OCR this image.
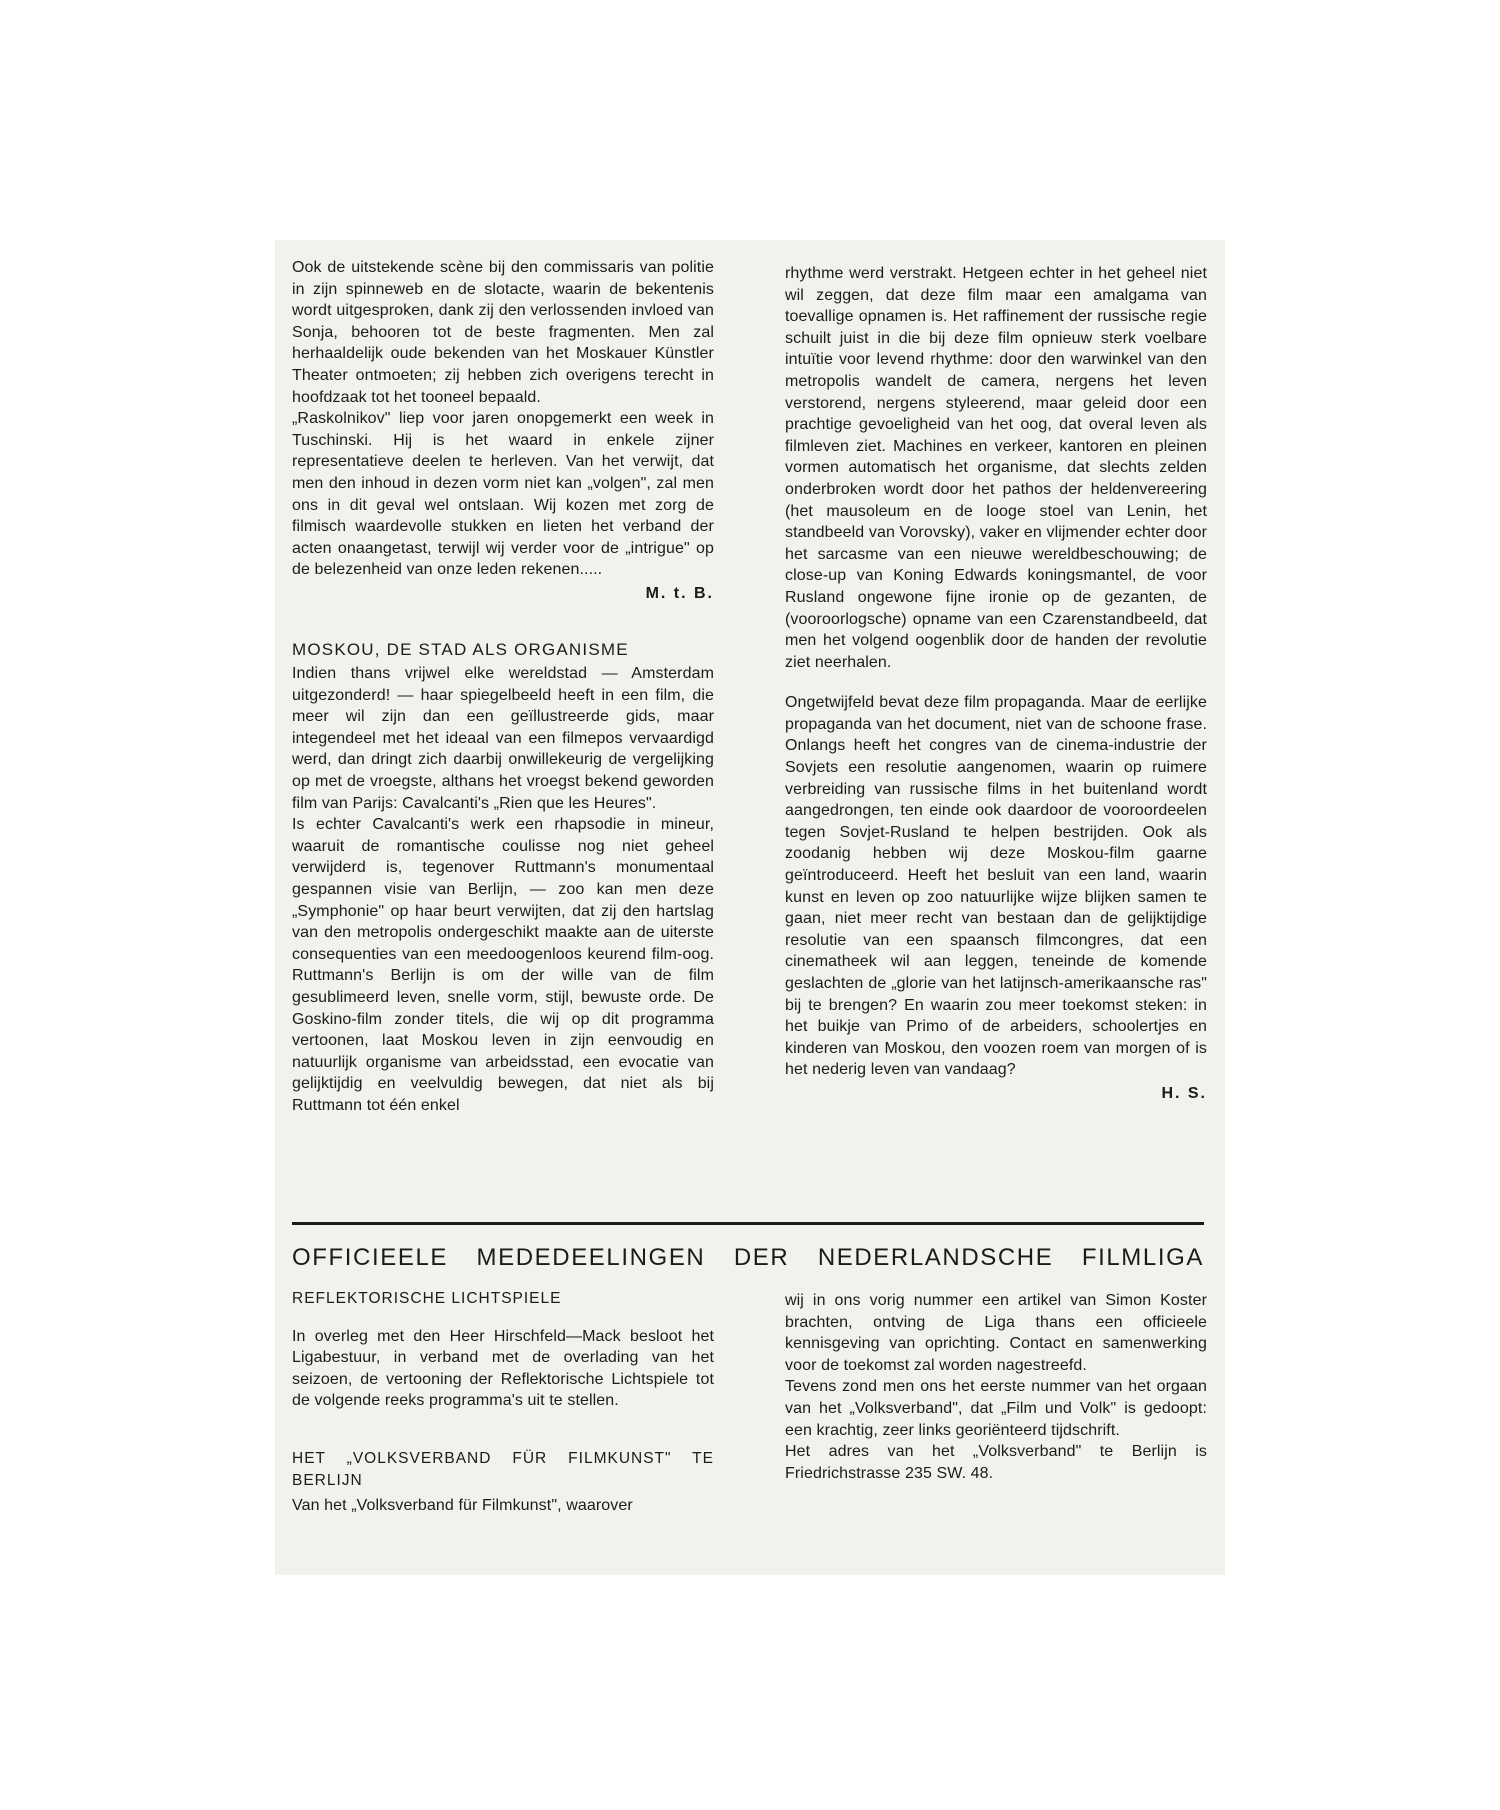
Ook de uitstekende scène bij den commissaris van politie in zijn spinneweb en de slotacte, waarin de bekentenis wordt uitgesproken, dank zij den verlossenden invloed van Sonja, behooren tot de beste fragmenten. Men zal herhaaldelijk oude bekenden van het Moskauer Künstler Theater ontmoeten; zij hebben zich overigens terecht in hoofdzaak tot het tooneel bepaald.

„Raskolnikov" liep voor jaren onopgemerkt een week in Tuschinski. Hij is het waard in enkele zijner representatieve deelen te herleven. Van het verwijt, dat men den inhoud in dezen vorm niet kan „volgen", zal men ons in dit geval wel ontslaan. Wij kozen met zorg de filmisch waardevolle stukken en lieten het verband der acten onaangetast, terwijl wij verder voor de „intrigue" op de belezenheid van onze leden rekenen.....

M. t. B.
MOSKOU, DE STAD ALS ORGANISME

Indien thans vrijwel elke wereldstad — Amsterdam uitgezonderd! — haar spiegelbeeld heeft in een film, die meer wil zijn dan een geïllustreerde gids, maar integendeel met het ideaal van een filmepos vervaardigd werd, dan dringt zich daarbij onwillekeurig de vergelijking op met de vroegste, althans het vroegst bekend geworden film van Parijs: Cavalcanti's „Rien que les Heures".

Is echter Cavalcanti's werk een rhapsodie in mineur, waaruit de romantische coulisse nog niet geheel verwijderd is, tegenover Ruttmann's monumentaal gespannen visie van Berlijn, — zoo kan men deze „Symphonie" op haar beurt verwijten, dat zij den hartslag van den metropolis ondergeschikt maakte aan de uiterste consequenties van een meedoogenloos keurend film-oog. Ruttmann's Berlijn is om der wille van de film gesublimeerd leven, snelle vorm, stijl, bewuste orde. De Goskino-film zonder titels, die wij op dit programma vertoonen, laat Moskou leven in zijn eenvoudig en natuurlijk organisme van arbeidsstad, een evocatie van gelijktijdig en veelvuldig bewegen, dat niet als bij Ruttmann tot één enkel

rhythme werd verstrakt. Hetgeen echter in het geheel niet wil zeggen, dat deze film maar een amalgama van toevallige opnamen is. Het raffinement der russische regie schuilt juist in die bij deze film opnieuw sterk voelbare intuïtie voor levend rhythme: door den warwinkel van den metropolis wandelt de camera, nergens het leven verstorend, nergens styleerend, maar geleid door een prachtige gevoeligheid van het oog, dat overal leven als filmleven ziet. Machines en verkeer, kantoren en pleinen vormen automatisch het organisme, dat slechts zelden onderbroken wordt door het pathos der heldenvereering (het mausoleum en de looge stoel van Lenin, het standbeeld van Vorovsky), vaker en vlijmender echter door het sarcasme van een nieuwe wereldbeschouwing; de close-up van Koning Edwards koningsmantel, de voor Rusland ongewone fijne ironie op de gezanten, de (vooroorlogsche) opname van een Czarenstandbeeld, dat men het volgend oogenblik door de handen der revolutie ziet neerhalen.

Ongetwijfeld bevat deze film propaganda. Maar de eerlijke propaganda van het document, niet van de schoone frase. Onlangs heeft het congres van de cinema-industrie der Sovjets een resolutie aangenomen, waarin op ruimere verbreiding van russische films in het buitenland wordt aangedrongen, ten einde ook daardoor de vooroordeelen tegen Sovjet-Rusland te helpen bestrijden. Ook als zoodanig hebben wij deze Moskou-film gaarne geïntroduceerd. Heeft het besluit van een land, waarin kunst en leven op zoo natuurlijke wijze blijken samen te gaan, niet meer recht van bestaan dan de gelijktijdige resolutie van een spaansch filmcongres, dat een cinematheek wil aan leggen, teneinde de komende geslachten de „glorie van het latijnsch-amerikaansche ras" bij te brengen? En waarin zou meer toekomst steken: in het buikje van Primo of de arbeiders, schoolertjes en kinderen van Moskou, den voozen roem van morgen of is het nederig leven van vandaag?

H. S.
OFFICIEELE MEDEDEELINGEN DER NEDERLANDSCHE FILMLIGA
REFLEKTORISCHE LICHTSPIELE

In overleg met den Heer Hirschfeld—Mack besloot het Ligabestuur, in verband met de overlading van het seizoen, de vertooning der Reflektorische Lichtspiele tot de volgende reeks programma's uit te stellen.

HET „VOLKSVERBAND FÜR FILMKUNST" TE BERLIJN

Van het „Volksverband für Filmkunst", waarover

wij in ons vorig nummer een artikel van Simon Koster brachten, ontving de Liga thans een officieele kennisgeving van oprichting. Contact en samenwerking voor de toekomst zal worden nagestreefd.

Tevens zond men ons het eerste nummer van het orgaan van het „Volksverband", dat „Film und Volk" is gedoopt: een krachtig, zeer links georiënteerd tijdschrift.

Het adres van het „Volksverband" te Berlijn is Friedrichstrasse 235 SW. 48.
